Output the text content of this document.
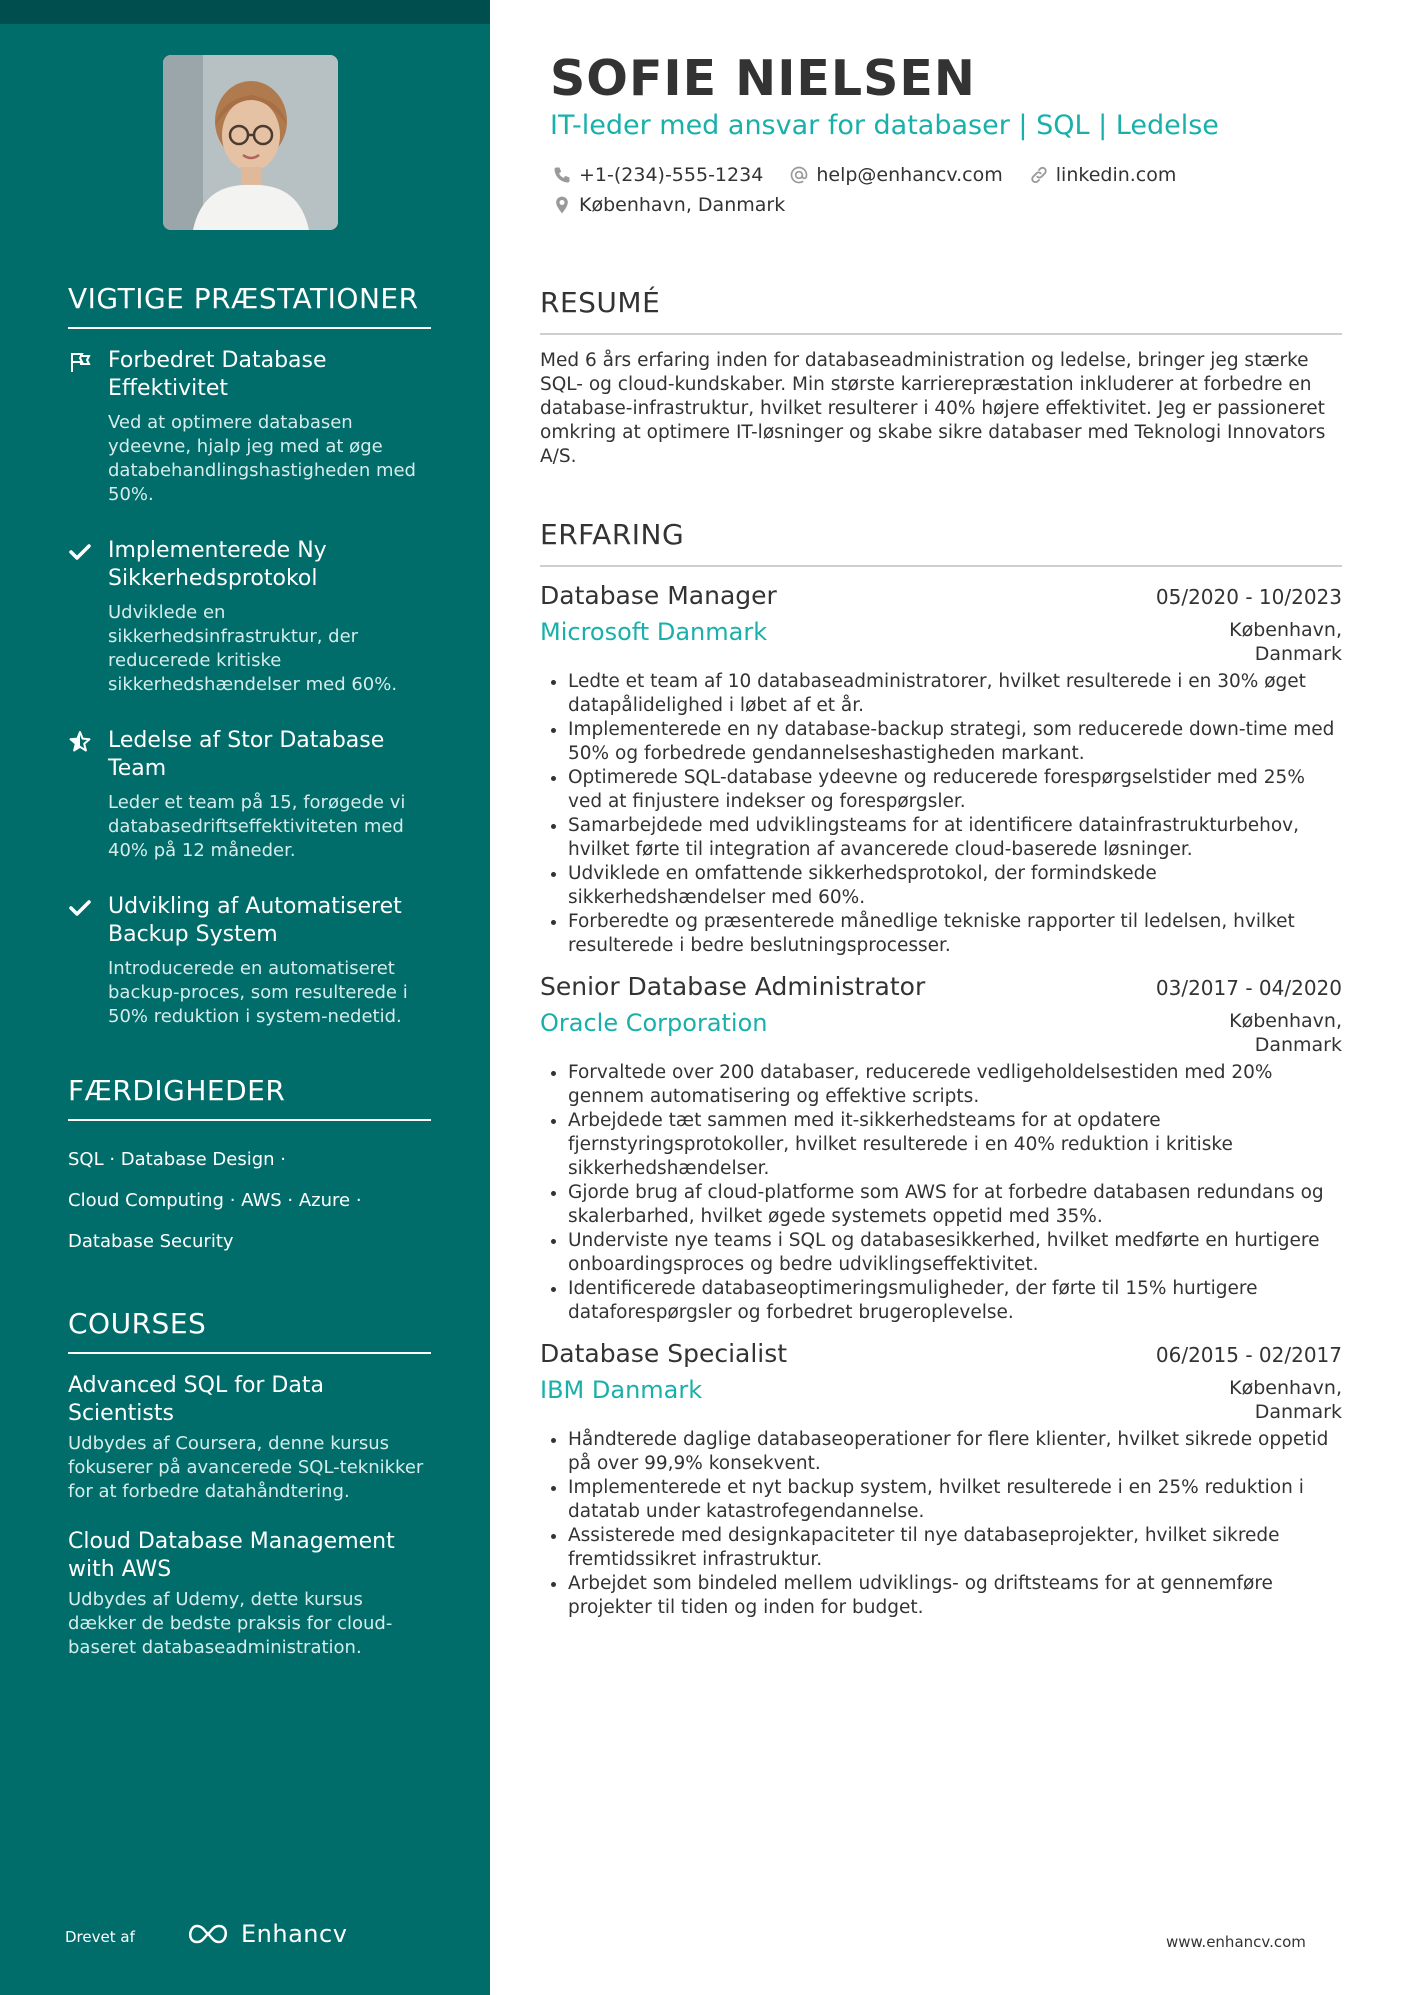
VIGTIGE PRÆSTATIONER
Forbedret Database Effektivitet
Ved at optimere databasen ydeevne, hjalp jeg med at øge databehandlingshastigheden med 50%.
Implementerede Ny Sikkerhedsprotokol
Udviklede en sikkerhedsinfrastruktur, der reducerede kritiske sikkerhedshændelser med 60%.
Ledelse af Stor Database Team
Leder et team på 15, forøgede vi databasedriftseffektiviteten med 40% på 12 måneder.
Udvikling af Automatiseret Backup System
Introducerede en automatiseret backup-proces, som resulterede i 50% reduktion i system-nedetid.
FÆRDIGHEDER
SQL · Database Design ·
Cloud Computing · AWS · Azure ·
Database Security
COURSES
Advanced SQL for Data Scientists
Udbydes af Coursera, denne kursus fokuserer på avancerede SQL-teknikker for at forbedre datahåndtering.
Cloud Database Management with AWS
Udbydes af Udemy, dette kursus dækker de bedste praksis for cloud-baseret databaseadministration.
Drevet af	Enhancv
SOFIE NIELSEN

IT-leder med ansvar for databaser | SQL | Ledelse

+1-(234)-555-1234
	help@enhancv.com
	linkedin.com

København, Danmark
RESUMÉ

Med 6 års erfaring inden for databaseadministration og ledelse, bringer jeg stærke SQL- og cloud-kundskaber. Min største karrierepræstation inkluderer at forbedre en database-infrastruktur, hvilket resulterer i 40% højere effektivitet. Jeg er passioneret omkring at optimere IT-løsninger og skabe sikre databaser med Teknologi Innovators A/S.

ERFARING
Database Manager	05/2020 - 10/2023
Microsoft Danmark	København, Danmark
• Ledte et team af 10 databaseadministratorer, hvilket resulterede i en 30% øget datapålidelighed i løbet af et år.
• Implementerede en ny database-backup strategi, som reducerede down-time med 50% og forbedrede gendannelseshastigheden markant.
• Optimerede SQL-database ydeevne og reducerede forespørgselstider med 25% ved at finjustere indekser og forespørgsler.
• Samarbejdede med udviklingsteams for at identificere datainfrastrukturbehov, hvilket førte til integration af avancerede cloud-baserede løsninger.
• Udviklede en omfattende sikkerhedsprotokol, der formindskede sikkerhedshændelser med 60%.
• Forberedte og præsenterede månedlige tekniske rapporter til ledelsen, hvilket resulterede i bedre beslutningsprocesser.
Senior Database Administrator	03/2017 - 04/2020
Oracle Corporation	København, Danmark
• Forvaltede over 200 databaser, reducerede vedligeholdelsestiden med 20% gennem automatisering og effektive scripts.
• Arbejdede tæt sammen med it-sikkerhedsteams for at opdatere fjernstyringsprotokoller, hvilket resulterede i en 40% reduktion i kritiske sikkerhedshændelser.
• Gjorde brug af cloud-platforme som AWS for at forbedre databasen redundans og skalerbarhed, hvilket øgede systemets oppetid med 35%.
• Underviste nye teams i SQL og databasesikkerhed, hvilket medførte en hurtigere onboardingsproces og bedre udviklingseffektivitet.
• Identificerede databaseoptimeringsmuligheder, der førte til 15% hurtigere dataforespørgsler og forbedret brugeroplevelse.
Database Specialist	06/2015 - 02/2017
IBM Danmark	København, Danmark
• Håndterede daglige databaseoperationer for flere klienter, hvilket sikrede oppetid på over 99,9% konsekvent.
• Implementerede et nyt backup system, hvilket resulterede i en 25% reduktion i datatab under katastrofegendannelse.
• Assisterede med designkapaciteter til nye databaseprojekter, hvilket sikrede fremtidssikret infrastruktur.
• Arbejdet som bindeled mellem udviklings- og driftsteams for at gennemføre projekter til tiden og inden for budget.
www.enhancv.com
